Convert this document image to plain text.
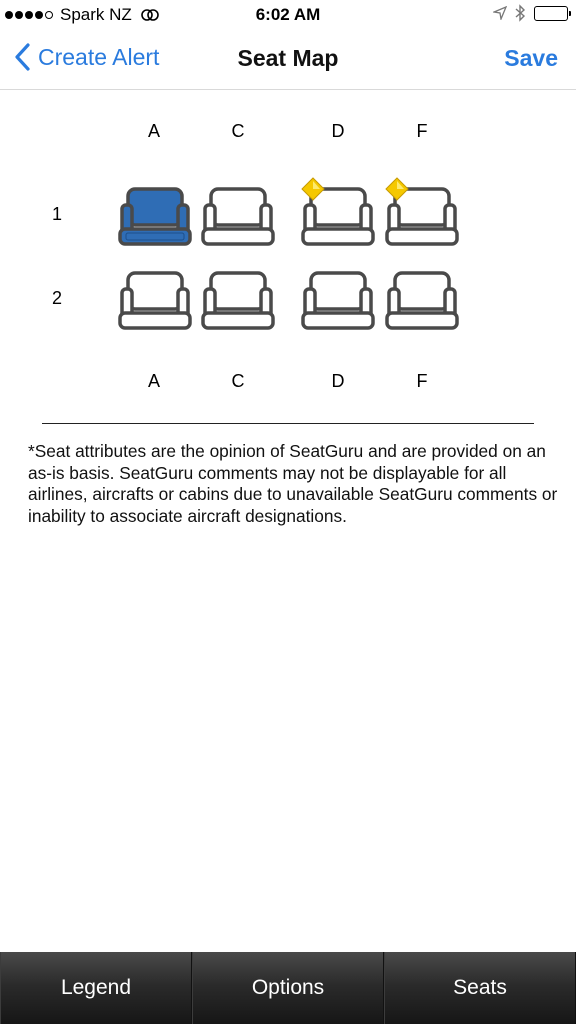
Spark NZ	6:02 AM
Create Alert	Seat Map	Save
A	C	D	F
1
2
A	C	D	F
*Seat attributes are the opinion of SeatGuru and are provided on an as-is basis. SeatGuru comments may not be displayable for all airlines, aircrafts or cabins due to unavailable SeatGuru comments or inability to associate aircraft designations.
Legend	Options	Seats
